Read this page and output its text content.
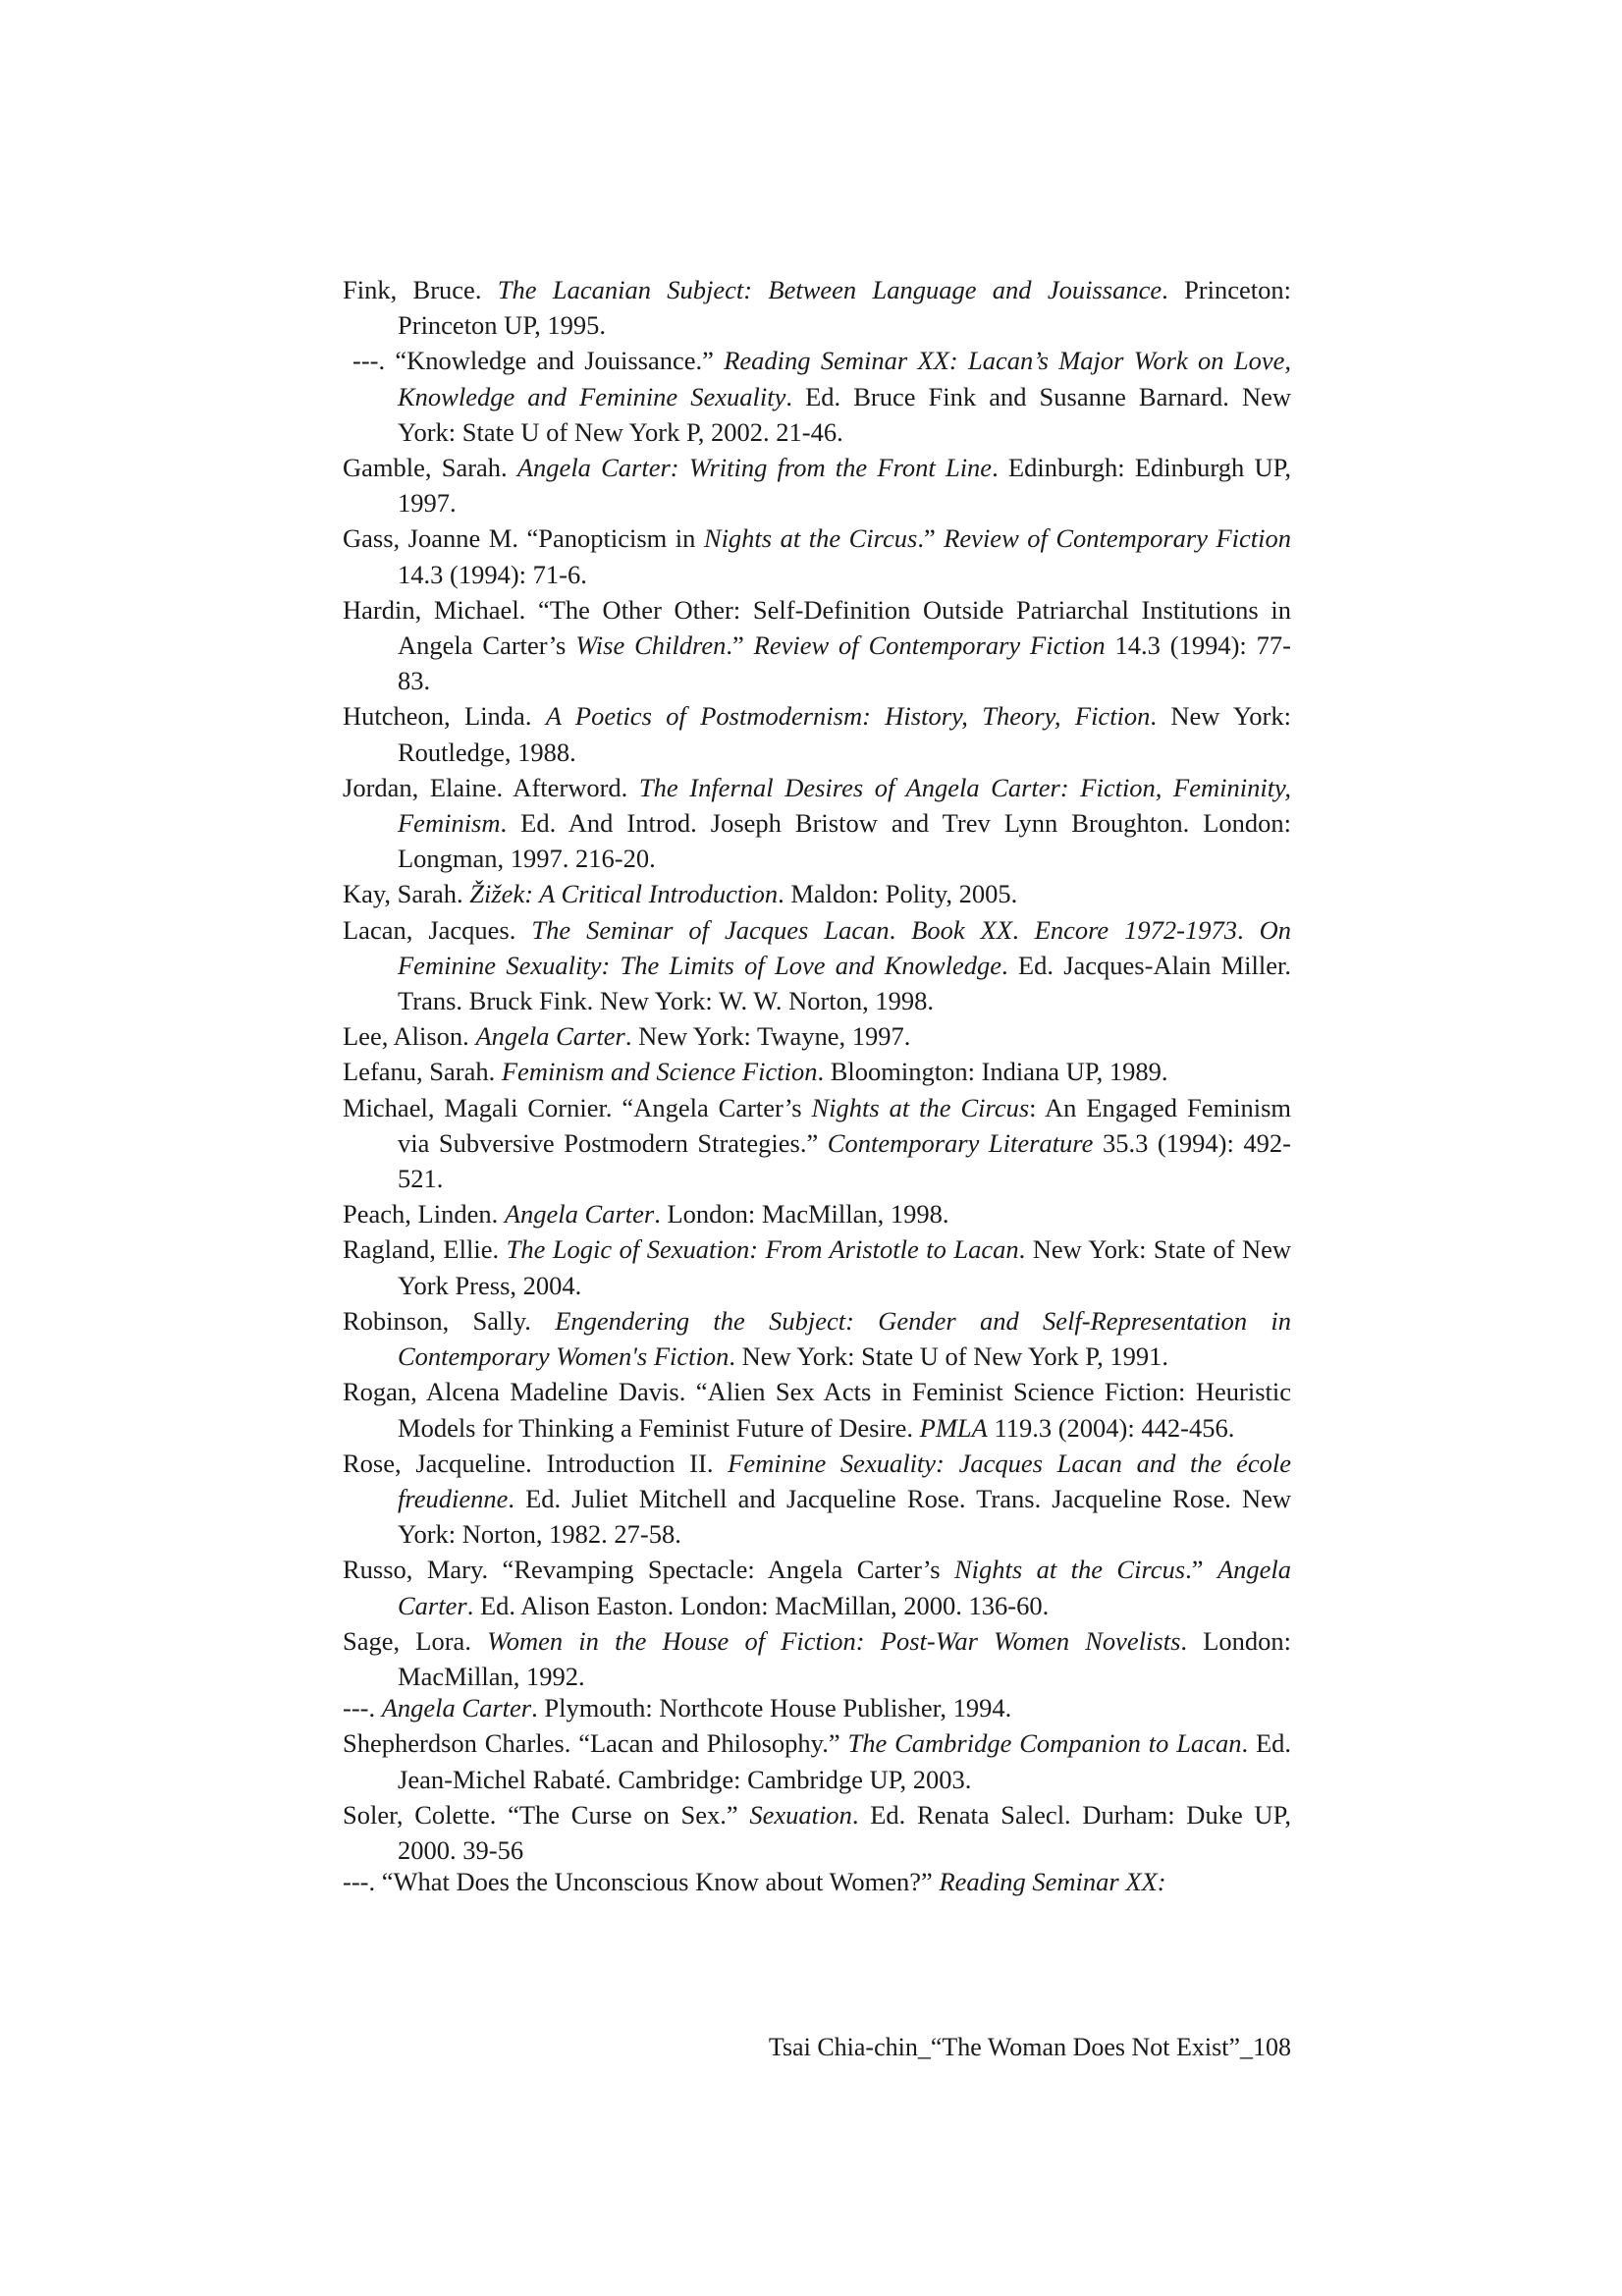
Fink, Bruce. The Lacanian Subject: Between Language and Jouissance. Princeton: Princeton UP, 1995.

---. “Knowledge and Jouissance.” Reading Seminar XX: Lacan’s Major Work on Love, Knowledge and Feminine Sexuality. Ed. Bruce Fink and Susanne Barnard. New York: State U of New York P, 2002. 21-46.

Gamble, Sarah. Angela Carter: Writing from the Front Line. Edinburgh: Edinburgh UP, 1997.

Gass, Joanne M. “Panopticism in Nights at the Circus.” Review of Contemporary Fiction 14.3 (1994): 71-6.

Hardin, Michael. “The Other Other: Self-Definition Outside Patriarchal Institutions in Angela Carter’s Wise Children.” Review of Contemporary Fiction 14.3 (1994): 77-83.

Hutcheon, Linda. A Poetics of Postmodernism: History, Theory, Fiction. New York: Routledge, 1988.

Jordan, Elaine. Afterword. The Infernal Desires of Angela Carter: Fiction, Femininity, Feminism. Ed. And Introd. Joseph Bristow and Trev Lynn Broughton. London: Longman, 1997. 216-20.

Kay, Sarah. Žižek: A Critical Introduction. Maldon: Polity, 2005.

Lacan, Jacques. The Seminar of Jacques Lacan. Book XX. Encore 1972-1973. On Feminine Sexuality: The Limits of Love and Knowledge. Ed. Jacques-Alain Miller. Trans. Bruck Fink. New York: W. W. Norton, 1998.

Lee, Alison. Angela Carter. New York: Twayne, 1997.

Lefanu, Sarah. Feminism and Science Fiction. Bloomington: Indiana UP, 1989.

Michael, Magali Cornier. “Angela Carter’s Nights at the Circus: An Engaged Feminism via Subversive Postmodern Strategies.” Contemporary Literature 35.3 (1994): 492-521.

Peach, Linden. Angela Carter. London: MacMillan, 1998.

Ragland, Ellie. The Logic of Sexuation: From Aristotle to Lacan. New York: State of New York Press, 2004.

Robinson, Sally. Engendering the Subject: Gender and Self-Representation in Contemporary Women's Fiction. New York: State U of New York P, 1991.

Rogan, Alcena Madeline Davis. “Alien Sex Acts in Feminist Science Fiction: Heuristic Models for Thinking a Feminist Future of Desire. PMLA 119.3 (2004): 442-456.

Rose, Jacqueline. Introduction II. Feminine Sexuality: Jacques Lacan and the école freudienne. Ed. Juliet Mitchell and Jacqueline Rose. Trans. Jacqueline Rose. New York: Norton, 1982. 27-58.

Russo, Mary. “Revamping Spectacle: Angela Carter’s Nights at the Circus.” Angela Carter. Ed. Alison Easton. London: MacMillan, 2000. 136-60.

Sage, Lora. Women in the House of Fiction: Post-War Women Novelists. London: MacMillan, 1992.

---. Angela Carter. Plymouth: Northcote House Publisher, 1994.

Shepherdson Charles. “Lacan and Philosophy.” The Cambridge Companion to Lacan. Ed. Jean-Michel Rabaté. Cambridge: Cambridge UP, 2003.

Soler, Colette. “The Curse on Sex.” Sexuation. Ed. Renata Salecl. Durham: Duke UP, 2000. 39-56

---. “What Does the Unconscious Know about Women?” Reading Seminar XX:

Tsai Chia-chin_“The Woman Does Not Exist”_108
